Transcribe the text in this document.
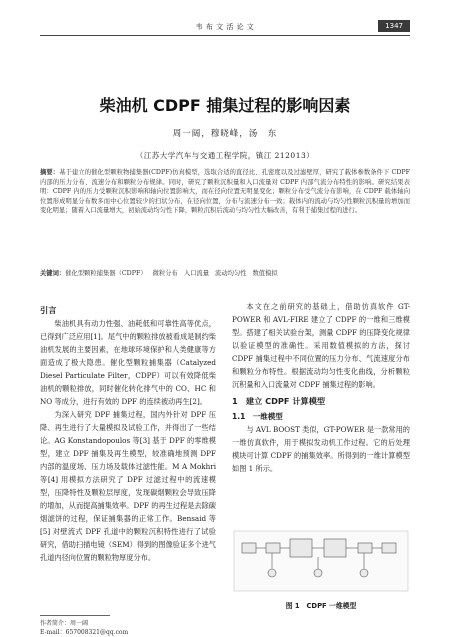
韦 布 文 活 论 文	1347
柴油机 CDPF 捕集过程的影响因素
周一阔，穆晓峰，汤　东
（江苏大学汽车与交通工程学院，镇江 212013）
摘要：基于建立的催化型颗粒物捕集器(CDPF)仿真模型，选取合适的直径比、孔密度以及过滤壁厚，研究了载体参数条件下 CDPF 内部的压力分布、流速分布和颗粒分布规律。同时，研究了颗粒沉积量和入口流量对 CDPF 内部气流分布特性的影响。研究结果表明：CDPF 内的压力受颗粒沉积影响和轴向位置影响大，而在径向位置无明显变化；颗粒分布受气流分布影响，在 CDPF 载体轴向位置形成明显分布数多而中心位置较少的扫状分布，在径向位置，分布与流速分布一致；载体内的流动与均匀性颗粒沉积量的增加而变化明显；随着入口流量增大，初始流动均匀性下降，颗粒沉积后流动与均匀性大幅改善，有利于捕集过程的进行。
关键词：催化型颗粒捕集器（CDPF） 微粒分布 入口流量 流动均匀性 数值模拟

引言

柴油机具有动力性强、油耗低和可靠性高等优点，已得到广泛应用[1]。尾气中的颗粒排放被看成是制约柴油机发展的主要因素，在地球环境保护和人类健康等方面造成了极大隐患。催化型颗粒捕集器（Catalyzed Diesel Particulate Filter，CDPF）可以有效降低柴油机的颗粒排放，同时催化转化排气中的 CO、HC 和 NO 等成分，进行有效的 DPF 的连续被动再生[2]。

为深入研究 DPF 捕集过程，国内外针对 DPF 压降、再生进行了大量模拟及试验工作，并得出了一些结论。AG Konstandopoulos 等[3] 基于 DPF 的零维模型，建立 DPF 捕集及再生模型，较准确地预测 DPF 内部的温度场、压力场及载体过滤性能。M A Mokhri 等[4] 用模拟方法研究了 DPF 过滤过程中的流速模型，压降特性及颗粒层厚度，发现碳烟颗粒会导致压降的增加，从而提高捕集效率。DPF 的再生过程是去除碳烟滤饼的过程，保证捕集器的正常工作。Bensaid 等[5] 对壁流式 DPF 孔道中的颗粒沉积特性进行了试验研究，借助扫描电镜（SEM）得到的图像验证多个进气孔道内径向位置的颗粒物厚度分布。

本文在之前研究的基础上，借助仿真软件 GT-POWER 和 AVL-FIRE 建立了 CDPF 的一维和三维模型。搭建了相关试验台架，测量 CDPF 的压降变化规律以验证模型的准确性。采用数值模拟的方法，探讨 CDPF 捕集过程中不同位置的压力分布、气流速度分布和颗粒分布特性。根据流动均匀性变化曲线，分析颗粒沉积量和入口流量对 CDPF 捕集过程的影响。

1　建立 CDPF 计算模型

1.1　一维模型

与 AVL BOOST 类似，GT-POWER 是一款常用的一维仿真软件，用于模拟发动机工作过程。它的后处理模块可计算 CDPF 的捕集效率。所得到的一维计算模型如图 1 所示。

图 1　CDPF 一维模型
作者简介：周一阔
E-mail：657008321@qq.com
